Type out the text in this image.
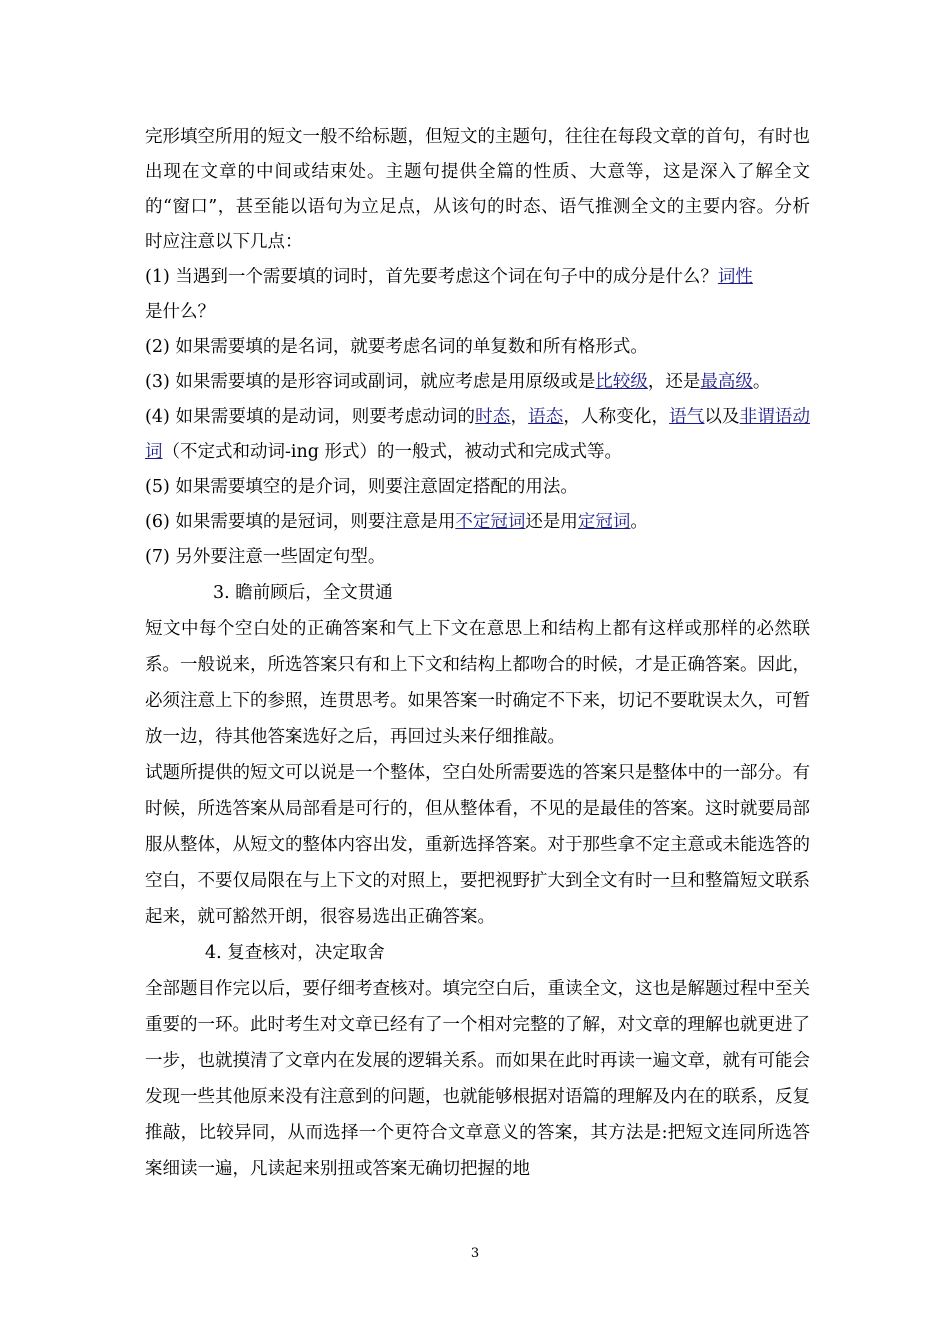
完形填空所用的短文一般不给标题，但短文的主题句，往往在每段文章的首句，有时也出现在文章的中间或结束处。主题句提供全篇的性质、大意等，这是深入了解全文的“窗口”，甚至能以语句为立足点，从该句的时态、语气推测全文的主要内容。分析时应注意以下几点：

(1) 当遇到一个需要填的词时，首先要考虑这个词在句子中的成分是什么？词性
是什么？

(2) 如果需要填的是名词，就要考虑名词的单复数和所有格形式。

(3) 如果需要填的是形容词或副词，就应考虑是用原级或是比较级，还是最高级。

(4) 如果需要填的是动词，则要考虑动词的时态，语态，人称变化，语气以及非谓语动词（不定式和动词-ing 形式）的一般式，被动式和完成式等。

(5) 如果需要填空的是介词，则要注意固定搭配的用法。

(6) 如果需要填的是冠词，则要注意是用不定冠词还是用定冠词。

(7) 另外要注意一些固定句型。

3. 瞻前顾后，全文贯通

短文中每个空白处的正确答案和气上下文在意思上和结构上都有这样或那样的必然联系。一般说来，所选答案只有和上下文和结构上都吻合的时候，才是正确答案。因此，必须注意上下的参照，连贯思考。如果答案一时确定不下来，切记不要耽误太久，可暂放一边，待其他答案选好之后，再回过头来仔细推敲。

试题所提供的短文可以说是一个整体，空白处所需要选的答案只是整体中的一部分。有时候，所选答案从局部看是可行的，但从整体看，不见的是最佳的答案。这时就要局部服从整体，从短文的整体内容出发，重新选择答案。对于那些拿不定主意或未能选答的空白，不要仅局限在与上下文的对照上，要把视野扩大到全文有时一旦和整篇短文联系起来，就可豁然开朗，很容易选出正确答案。

4. 复查核对，决定取舍

全部题目作完以后，要仔细考查核对。填完空白后，重读全文，这也是解题过程中至关重要的一环。此时考生对文章已经有了一个相对完整的了解，对文章的理解也就更进了一步，也就摸清了文章内在发展的逻辑关系。而如果在此时再读一遍文章，就有可能会发现一些其他原来没有注意到的问题，也就能够根据对语篇的理解及内在的联系，反复推敲，比较异同，从而选择一个更符合文章意义的答案，其方法是:把短文连同所选答案细读一遍，凡读起来别扭或答案无确切把握的地

3
